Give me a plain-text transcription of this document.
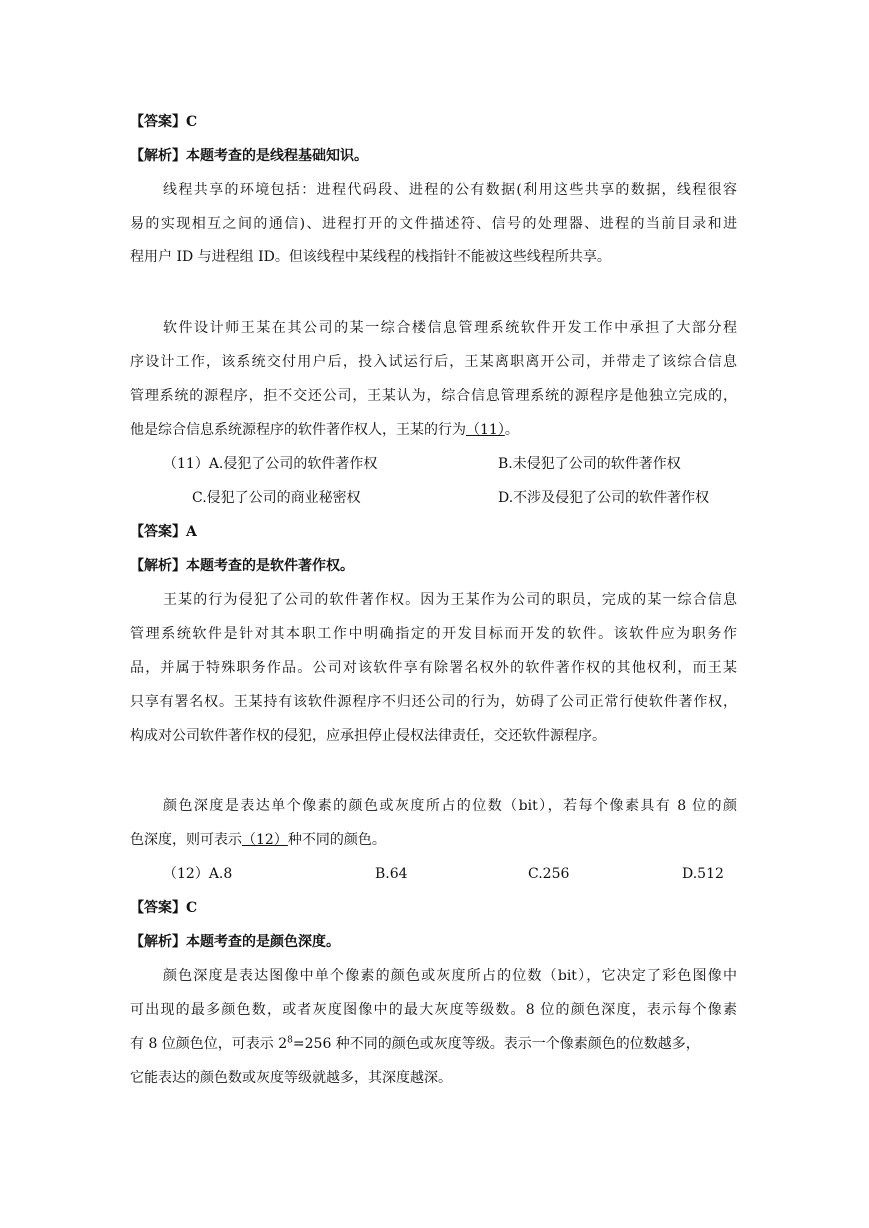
【答案】C
【解析】本题考查的是线程基础知识。
线程共享的环境包括：进程代码段、进程的公有数据(利用这些共享的数据，线程很容
易的实现相互之间的通信)、进程打开的文件描述符、信号的处理器、进程的当前目录和进
程用户 ID 与进程组 ID。但该线程中某线程的栈指针不能被这些线程所共享。
软件设计师王某在其公司的某一综合楼信息管理系统软件开发工作中承担了大部分程
序设计工作，该系统交付用户后，投入试运行后，王某离职离开公司，并带走了该综合信息
管理系统的源程序，拒不交还公司，王某认为，综合信息管理系统的源程序是他独立完成的，
他是综合信息系统源程序的软件著作权人，王某的行为（11）。
（11）A.侵犯了公司的软件著作权	B.未侵犯了公司的软件著作权
C.侵犯了公司的商业秘密权	D.不涉及侵犯了公司的软件著作权
【答案】A
【解析】本题考查的是软件著作权。
王某的行为侵犯了公司的软件著作权。因为王某作为公司的职员，完成的某一综合信息
管理系统软件是针对其本职工作中明确指定的开发目标而开发的软件。该软件应为职务作
品，并属于特殊职务作品。公司对该软件享有除署名权外的软件著作权的其他权利，而王某
只享有署名权。王某持有该软件源程序不归还公司的行为，妨碍了公司正常行使软件著作权，
构成对公司软件著作权的侵犯，应承担停止侵权法律责任，交还软件源程序。
颜色深度是表达单个像素的颜色或灰度所占的位数（bit），若每个像素具有 8 位的颜
色深度，则可表示（12）种不同的颜色。
（12）A.8	B.64	C.256	D.512
【答案】C
【解析】本题考查的是颜色深度。
颜色深度是表达图像中单个像素的颜色或灰度所占的位数（bit），它决定了彩色图像中
可出现的最多颜色数，或者灰度图像中的最大灰度等级数。8 位的颜色深度，表示每个像素
有 8 位颜色位，可表示 $2^8=256$ 种不同的颜色或灰度等级。表示一个像素颜色的位数越多，
它能表达的颜色数或灰度等级就越多，其深度越深。
